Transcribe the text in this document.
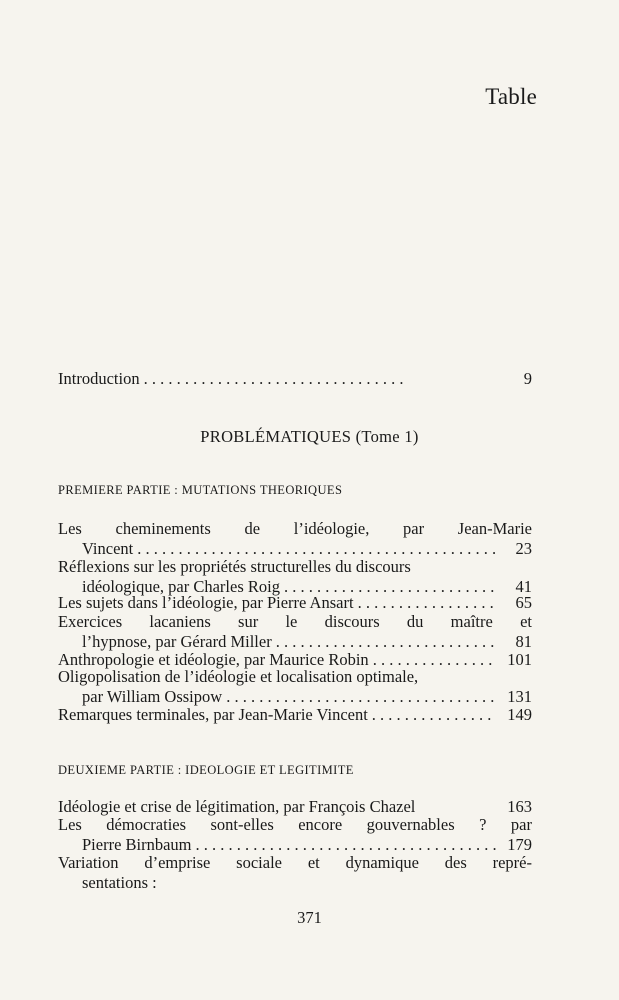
Table
Introduction . . .	9
PROBLÉMATIQUES (Tome 1)
PREMIERE PARTIE : MUTATIONS THEORIQUES
Les cheminements de l’idéologie, par Jean-Marie
Vincent . . .	23
Réflexions sur les propriétés structurelles du discours
idéologique, par Charles Roig . . .	41
Les sujets dans l’idéologie, par Pierre Ansart . . .	65
Exercices lacaniens sur le discours du maître et
l’hypnose, par Gérard Miller . . .	81
Anthropologie et idéologie, par Maurice Robin . . .	101
Oligopolisation de l’idéologie et localisation optimale,
par William Ossipow . . .	131
Remarques terminales, par Jean-Marie Vincent . . .	149
DEUXIEME PARTIE : IDEOLOGIE ET LEGITIMITE
Idéologie et crise de légitimation, par François Chazel	163
Les démocraties sont-elles encore gouvernables ? par
Pierre Birnbaum . . .	179
Variation d’emprise sociale et dynamique des repré-
sentations :
371
